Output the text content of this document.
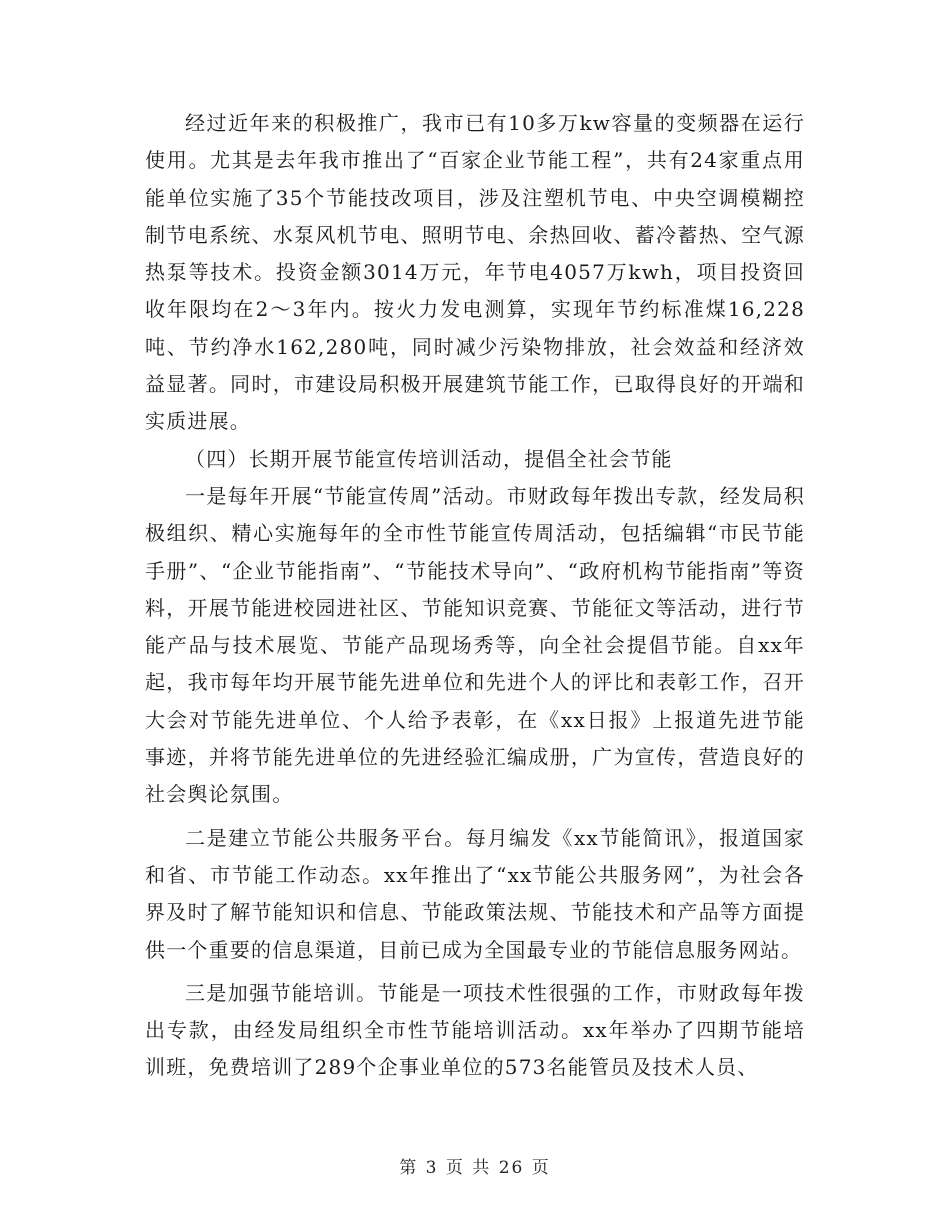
经过近年来的积极推广，我市已有10多万kw容量的变频器在运行使用。尤其是去年我市推出了“百家企业节能工程”，共有24家重点用能单位实施了35个节能技改项目，涉及注塑机节电、中央空调模糊控制节电系统、水泵风机节电、照明节电、余热回收、蓄冷蓄热、空气源热泵等技术。投资金额3014万元，年节电4057万kwh，项目投资回收年限均在2～3年内。按火力发电测算，实现年节约标准煤16,228吨、节约净水162,280吨，同时减少污染物排放，社会效益和经济效益显著。同时，市建设局积极开展建筑节能工作，已取得良好的开端和实质进展。

（四）长期开展节能宣传培训活动，提倡全社会节能

一是每年开展“节能宣传周”活动。市财政每年拨出专款，经发局积极组织、精心实施每年的全市性节能宣传周活动，包括编辑“市民节能手册”、“企业节能指南”、“节能技术导向”、“政府机构节能指南”等资料，开展节能进校园进社区、节能知识竞赛、节能征文等活动，进行节能产品与技术展览、节能产品现场秀等，向全社会提倡节能。自xx年起，我市每年均开展节能先进单位和先进个人的评比和表彰工作，召开大会对节能先进单位、个人给予表彰，在《xx日报》上报道先进节能事迹，并将节能先进单位的先进经验汇编成册，广为宣传，营造良好的社会舆论氛围。

二是建立节能公共服务平台。每月编发《xx节能简讯》，报道国家和省、市节能工作动态。xx年推出了“xx节能公共服务网”，为社会各界及时了解节能知识和信息、节能政策法规、节能技术和产品等方面提供一个重要的信息渠道，目前已成为全国最专业的节能信息服务网站。

三是加强节能培训。节能是一项技术性很强的工作，市财政每年拨出专款，由经发局组织全市性节能培训活动。xx年举办了四期节能培训班，免费培训了289个企事业单位的573名能管员及技术人员、

第 3 页 共 26 页
